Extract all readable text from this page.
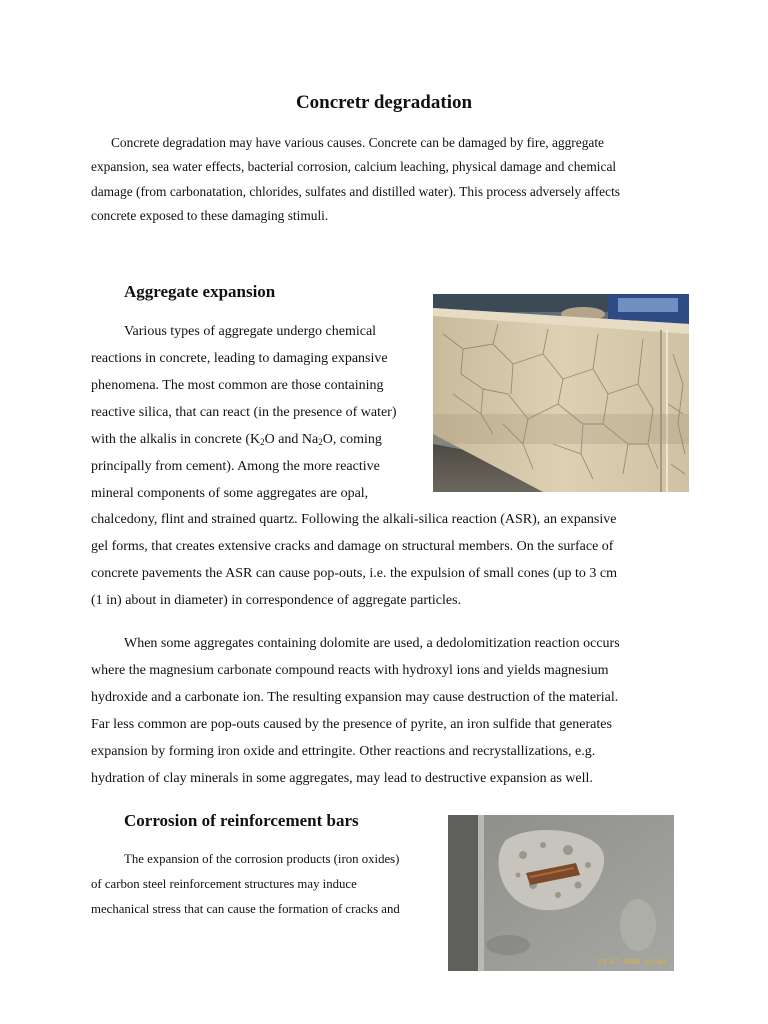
Concretr degradation

Concrete degradation may have various causes. Concrete can be damaged by fire, aggregate expansion, sea water effects, bacterial corrosion, calcium leaching, physical damage and chemical damage (from carbonatation, chlorides, sulfates and distilled water). This process adversely affects concrete exposed to these damaging stimuli.

Aggregate expansion
Various types of aggregate undergo chemical
reactions in concrete, leading to damaging expansive
phenomena. The most common are those containing
reactive silica, that can react (in the presence of water)
with the alkalis in concrete ($K_2O$ and $Na_2O$, coming
principally from cement). Among the more reactive
mineral components of some aggregates are opal,
chalcedony, flint and strained quartz. Following the alkali-silica reaction (ASR), an expansive
gel forms, that creates extensive cracks and damage on structural members. On the surface of
concrete pavements the ASR can cause pop-outs, i.e. the expulsion of small cones (up to 3 cm
(1 in) about in diameter) in correspondence of aggregate particles.
When some aggregates containing dolomite are used, a dedolomitization reaction occurs
where the magnesium carbonate compound reacts with hydroxyl ions and yields magnesium
hydroxide and a carbonate ion. The resulting expansion may cause destruction of the material.
Far less common are pop-outs caused by the presence of pyrite, an iron sulfide that generates
expansion by forming iron oxide and ettringite. Other reactions and recrystallizations, e.g.
hydration of clay minerals in some aggregates, may lead to destructive expansion as well.
Corrosion of reinforcement bars
The expansion of the corrosion products (iron oxides)
of carbon steel reinforcement structures may induce
mechanical stress that can cause the formation of cracks and
20.07.2008 10:40
